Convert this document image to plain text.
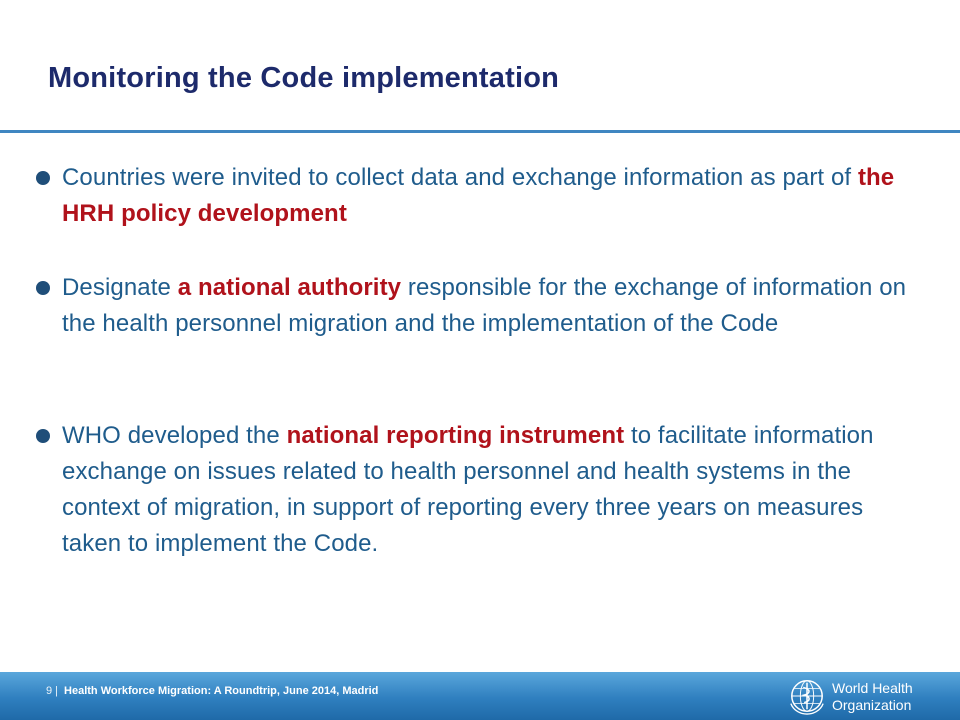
Monitoring the Code implementation
Countries were invited to collect data and exchange information as part of the HRH policy development
Designate a national authority responsible for the exchange of information on the health personnel migration and the implementation of the Code
WHO developed the national reporting instrument to facilitate information exchange on issues related to health personnel and health systems in the context of migration, in support of reporting every three years on measures taken to implement the Code.
9 | Health Workforce Migration: A Roundtrip, June 2014, Madrid	World Health
Organization
